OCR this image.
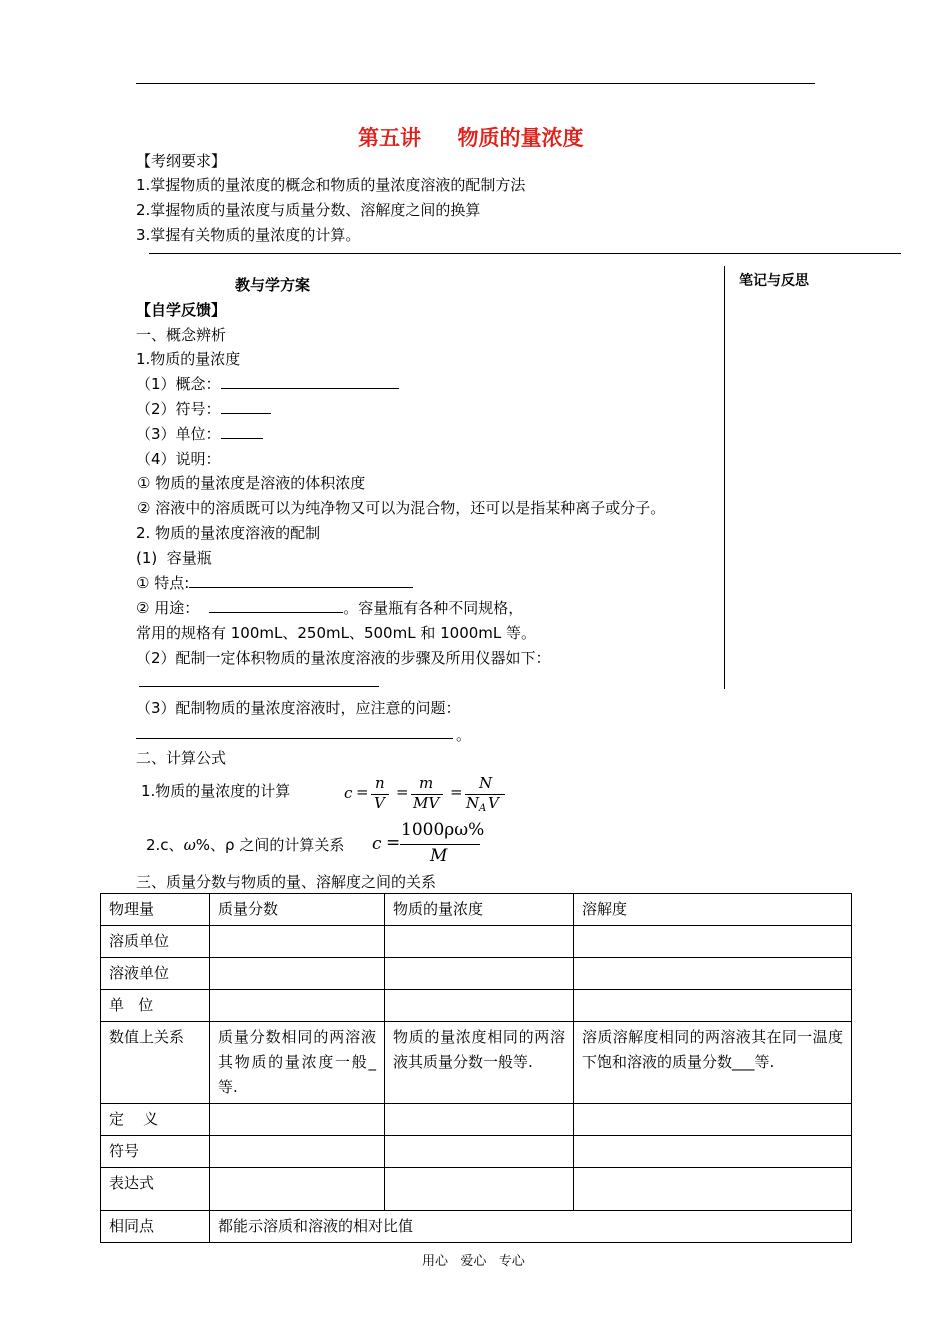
第五讲     物质的量浓度
【考纲要求】
1.掌握物质的量浓度的概念和物质的量浓度溶液的配制方法
2.掌握物质的量浓度与质量分数、溶解度之间的换算
3.掌握有关物质的量浓度的计算。
笔记与反思
教与学方案
【自学反馈】
一、概念辨析
1.物质的量浓度
（1）概念：
（2）符号：
（3）单位：
（4）说明：
① 物质的量浓度是溶液的体积浓度
② 溶液中的溶质既可以为纯净物又可以为混合物，还可以是指某种离子或分子。
2. 物质的量浓度溶液的配制
(1)  容量瓶
① 特点:
② 用途：	。容量瓶有各种不同规格，
常用的规格有 100mL、250mL、500mL 和 1000mL 等。
（2）配制一定体积物质的量浓度溶液的步骤及所用仪器如下：
（3）配制物质的量浓度溶液时，应注意的问题：
。
二、计算公式
1.物质的量浓度的计算	c = n
V
= m
MV
= N
N A V
2.c、ω%、ρ 之间的计算关系 c =
1000ρω%
M
三、质量分数与物质的量、溶解度之间的关系
物理量	质量分数	物质的量浓度	溶解度
溶质单位			
溶液单位			
单   位			
数值上关系	质量分数相同的两溶液其物质的量浓度一般_等.	物质的量浓度相同的两溶液其质量分数一般等.	溶质溶解度相同的两溶液其在同一温度下饱和溶液的质量分数___等.
定    义			
符号			
表达式			
相同点	都能示溶质和溶液的相对比值		
用心   爱心   专心
